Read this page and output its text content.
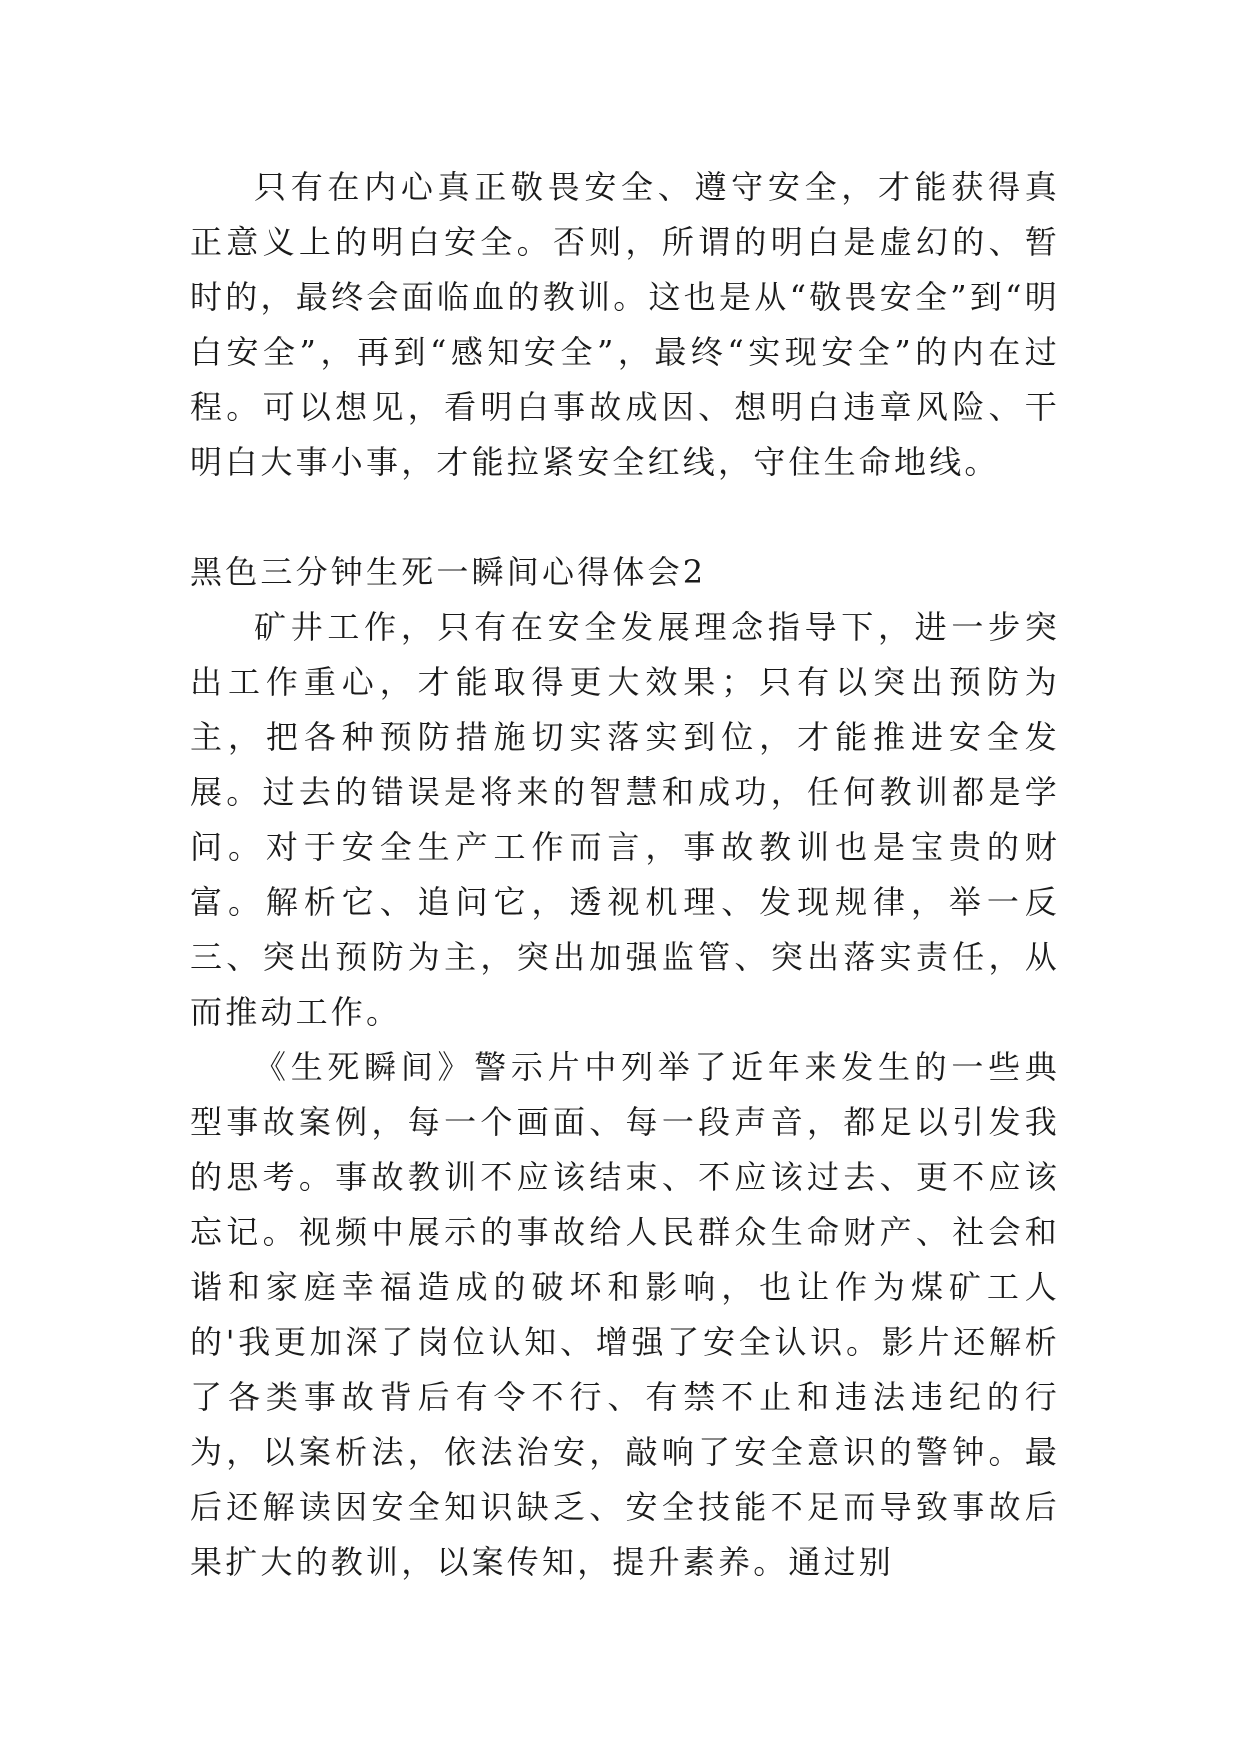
只有在内心真正敬畏安全、遵守安全，才能获得真正意义上的明白安全。否则，所谓的明白是虚幻的、暂时的，最终会面临血的教训。这也是从“敬畏安全”到“明白安全”，再到“感知安全”，最终“实现安全”的内在过程。可以想见，看明白事故成因、想明白违章风险、干明白大事小事，才能拉紧安全红线，守住生命地线。

黑色三分钟生死一瞬间心得体会2

矿井工作，只有在安全发展理念指导下，进一步突出工作重心，才能取得更大效果；只有以突出预防为主，把各种预防措施切实落实到位，才能推进安全发展。过去的错误是将来的智慧和成功，任何教训都是学问。对于安全生产工作而言，事故教训也是宝贵的财富。解析它、追问它，透视机理、发现规律，举一反三、突出预防为主，突出加强监管、突出落实责任，从而推动工作。

《生死瞬间》警示片中列举了近年来发生的一些典型事故案例，每一个画面、每一段声音，都足以引发我的思考。事故教训不应该结束、不应该过去、更不应该忘记。视频中展示的事故给人民群众生命财产、社会和谐和家庭幸福造成的破坏和影响，也让作为煤矿工人的'我更加深了岗位认知、增强了安全认识。影片还解析了各类事故背后有令不行、有禁不止和违法违纪的行为，以案析法，依法治安，敲响了安全意识的警钟。最后还解读因安全知识缺乏、安全技能不足而导致事故后果扩大的教训，以案传知，提升素养。通过别
